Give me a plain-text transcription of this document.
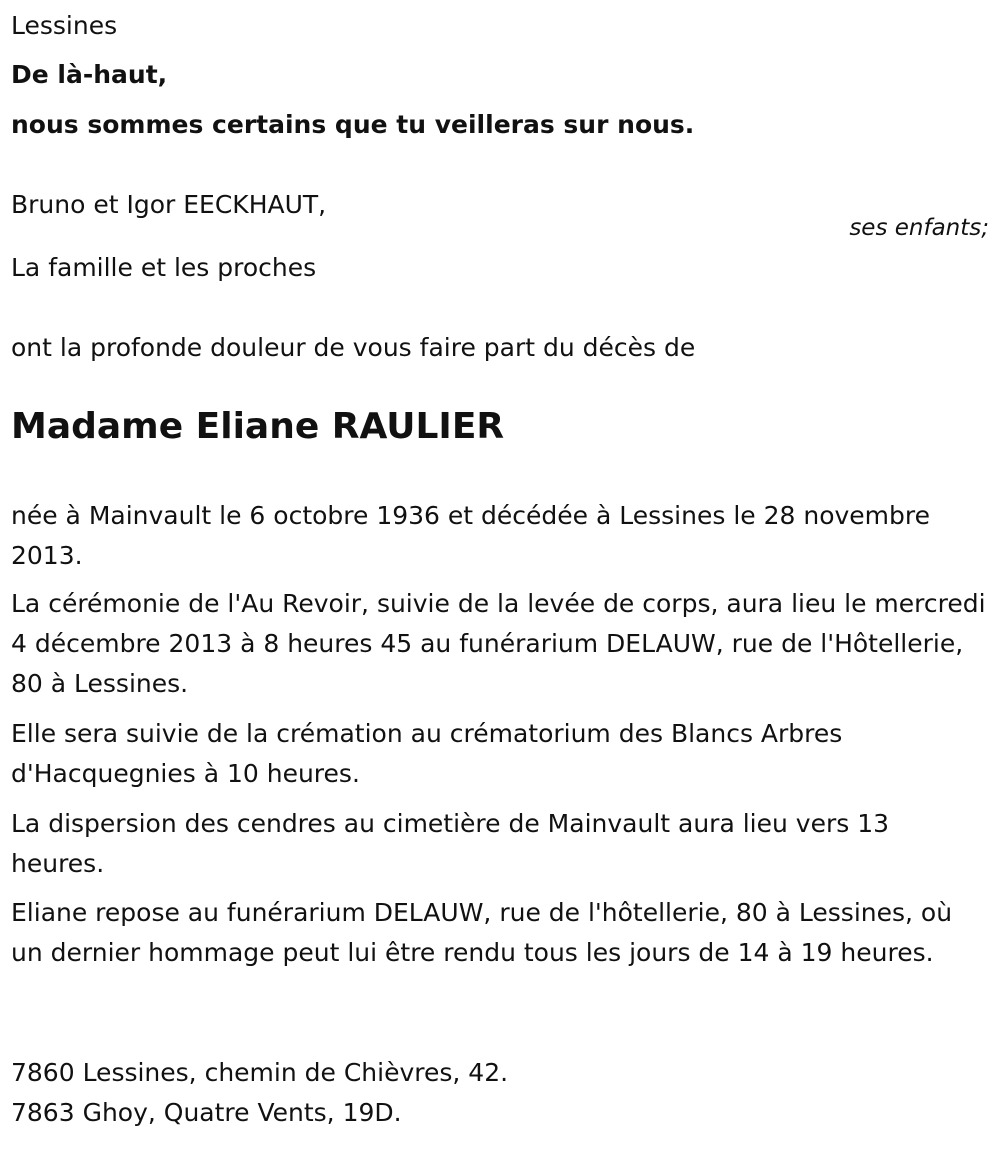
Lessines
De là-haut,
nous sommes certains que tu veilleras sur nous.
Bruno et Igor EECKHAUT,
ses enfants;
La famille et les proches
ont la profonde douleur de vous faire part du décès de
Madame Eliane RAULIER
née à Mainvault le 6 octobre 1936 et décédée à Lessines le 28 novembre 2013.
La cérémonie de l'Au Revoir, suivie de la levée de corps, aura lieu le mercredi 4 décembre 2013 à 8 heures 45 au funérarium DELAUW, rue de l'Hôtellerie, 80 à Lessines.
Elle sera suivie de la crémation au crématorium des Blancs Arbres d'Hacquegnies à 10 heures.
La dispersion des cendres au cimetière de Mainvault aura lieu vers 13 heures.
Eliane repose au funérarium DELAUW, rue de l'hôtellerie, 80 à Lessines, où un dernier hommage peut lui être rendu tous les jours de 14 à 19 heures.
7860 Lessines, chemin de Chièvres, 42.
7863 Ghoy, Quatre Vents, 19D.
